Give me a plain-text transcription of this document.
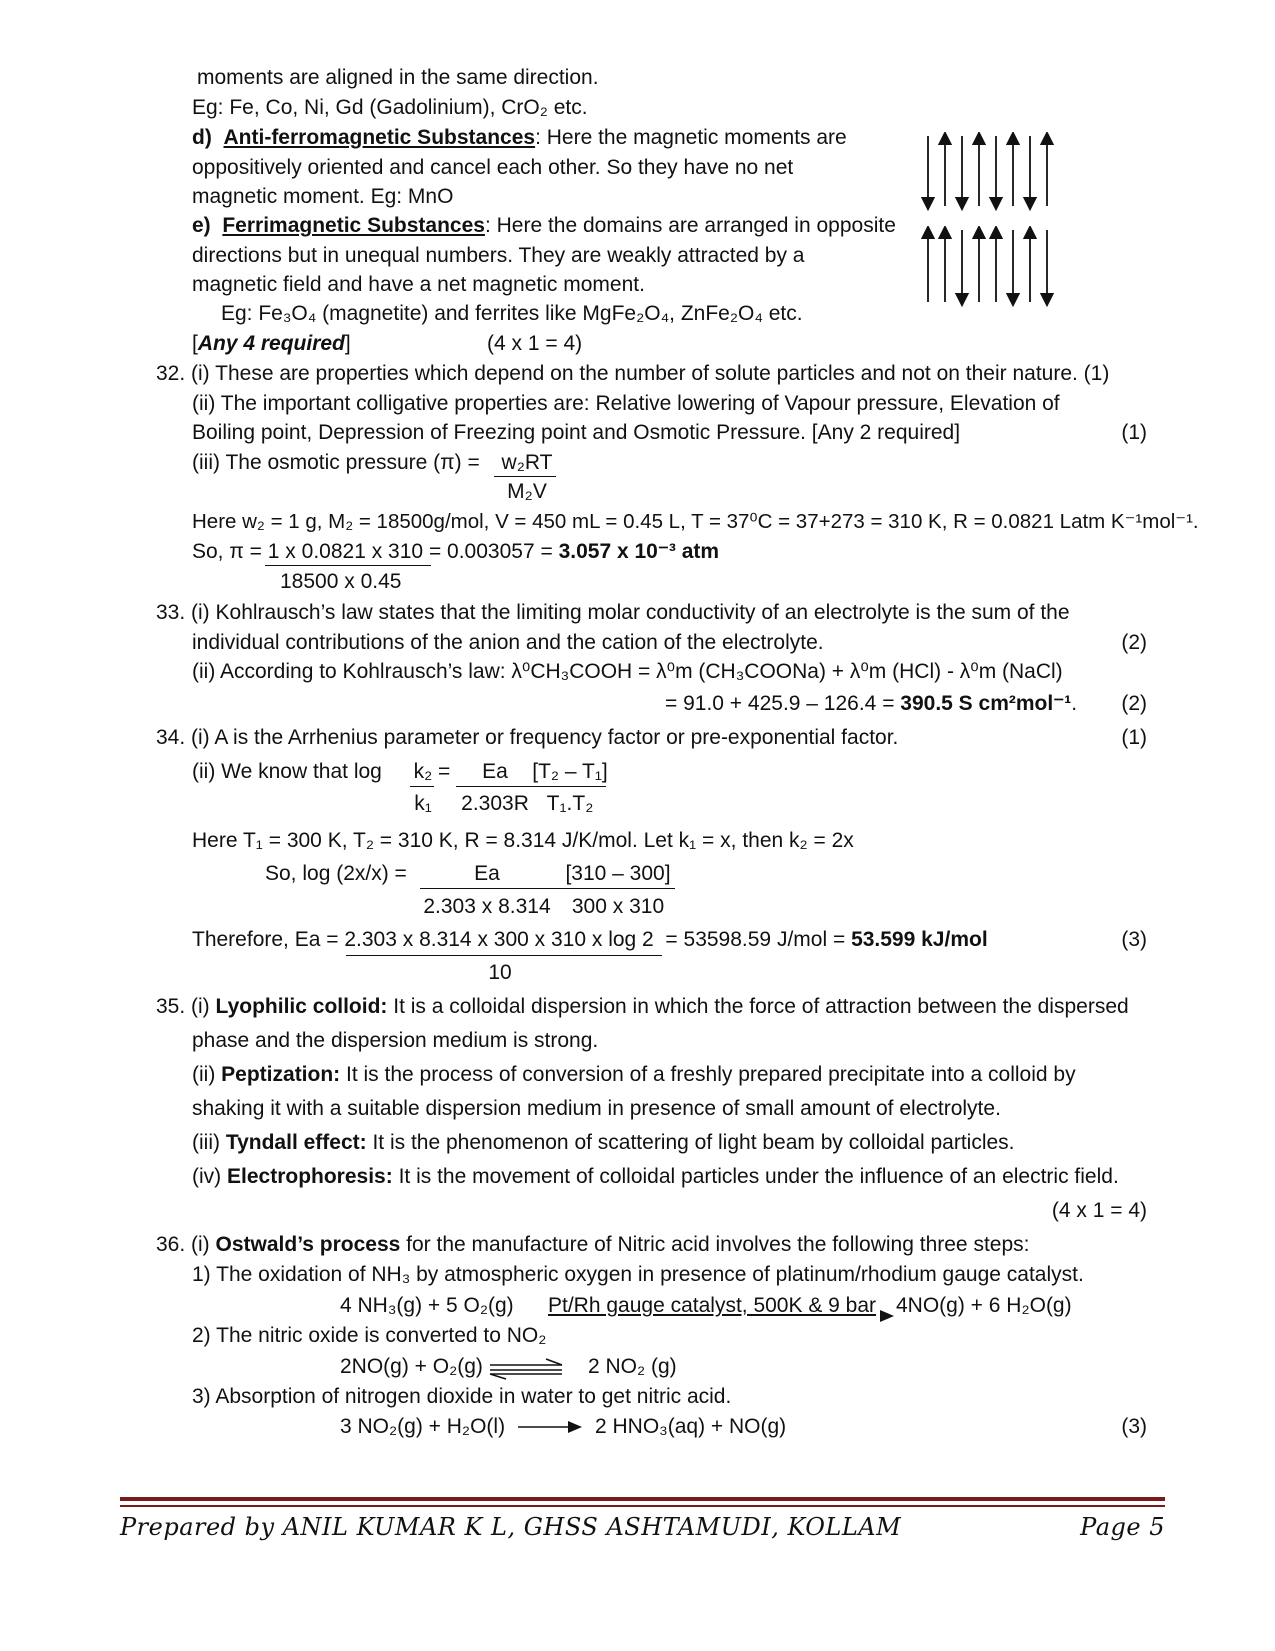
moments are aligned in the same direction.
Eg: Fe, Co, Ni, Gd (Gadolinium), CrO₂ etc.
d) Anti-ferromagnetic Substances: Here the magnetic moments are
oppositively oriented and cancel each other. So they have no net
magnetic moment. Eg: MnO
e) Ferrimagnetic Substances: Here the domains are arranged in opposite
directions but in unequal numbers. They are weakly attracted by a
magnetic field and have a net magnetic moment.
Eg: Fe₃O₄ (magnetite) and ferrites like MgFe₂O₄, ZnFe₂O₄ etc.
[Any 4 required]	(4 x 1 = 4)
32. (i) These are properties which depend on the number of solute particles and not on their nature. (1)
(ii) The important colligative properties are: Relative lowering of Vapour pressure, Elevation of
Boiling point, Depression of Freezing point and Osmotic Pressure. [Any 2 required]	(1)
(iii) The osmotic pressure (π) =	w₂RT
M₂V
Here w₂ = 1 g, M₂ = 18500g/mol, V = 450 mL = 0.45 L, T = 37⁰C = 37+273 = 310 K, R = 0.0821 Latm K⁻¹mol⁻¹.
So, π = 1 x 0.0821 x 310 = 0.003057 = 3.057 x 10⁻³ atm
18500 x 0.45
33. (i) Kohlrausch’s law states that the limiting molar conductivity of an electrolyte is the sum of the
individual contributions of the anion and the cation of the electrolyte.	(2)
(ii) According to Kohlrausch’s law: λ⁰CH₃COOH = λ⁰m (CH₃COONa) + λ⁰m (HCl) - λ⁰m (NaCl)
= 91.0 + 425.9 – 126.4 = 390.5 S cm²mol⁻¹. (2)
34. (i) A is the Arrhenius parameter or frequency factor or pre-exponential factor.	(1)
(ii) We know that log k₂
k₁
=	Ea
2.303R
[T₂ – T₁]
T₁.T₂
Here T₁ = 300 K, T₂ = 310 K, R = 8.314 J/K/mol. Let k₁ = x, then k₂ = 2x
So, log (2x/x) =	Ea
2.303 x 8.314
[310 – 300]
300 x 310
Therefore, Ea = 2.303 x 8.314 x 300 x 310 x log 2 = 53598.59 J/mol = 53.599 kJ/mol	(3)
10
35. (i) Lyophilic colloid: It is a colloidal dispersion in which the force of attraction between the dispersed
phase and the dispersion medium is strong.
(ii) Peptization: It is the process of conversion of a freshly prepared precipitate into a colloid by
shaking it with a suitable dispersion medium in presence of small amount of electrolyte.
(iii) Tyndall effect: It is the phenomenon of scattering of light beam by colloidal particles.
(iv) Electrophoresis: It is the movement of colloidal particles under the influence of an electric field.
(4 x 1 = 4)
36. (i) Ostwald’s process for the manufacture of Nitric acid involves the following three steps:
1) The oxidation of NH₃ by atmospheric oxygen in presence of platinum/rhodium gauge catalyst.
4 NH₃(g) + 5 O₂(g) Pt/Rh gauge catalyst, 500K & 9 bar 4NO(g) + 6 H₂O(g)
2) The nitric oxide is converted to NO₂
2NO(g) + O₂(g)	2 NO₂ (g)
3) Absorption of nitrogen dioxide in water to get nitric acid.
3 NO₂(g) + H₂O(l)	2 HNO₃(aq) + NO(g)	(3)
Prepared by ANIL KUMAR K L, GHSS ASHTAMUDI, KOLLAM	Page 5
